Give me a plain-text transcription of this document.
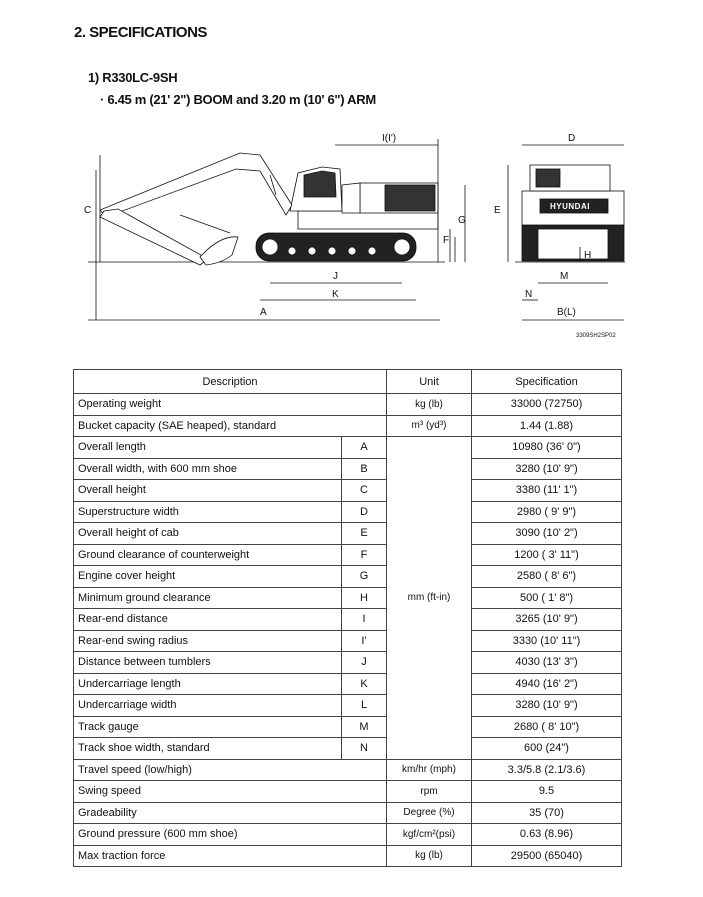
2. SPECIFICATIONS
1) R330LC-9SH
· 6.45 m (21' 2") BOOM and 3.20 m (10' 6") ARM
HYUNDAI
HYUNDAI
C
A
K
J
I(I')
F
G
E
D
M
N
B(L)
H
3309SH2SP02
Description		Unit	Specification
Operating weight		kg (lb)	33000 (72750)
Bucket capacity (SAE heaped), standard		m³ (yd³)	1.44 (1.88)
Overall length	A	mm (ft-in)	10980 (36' 0")
Overall width, with 600 mm shoe	B		3280 (10' 9")
Overall height	C		3380 (11' 1")
Superstructure width	D		2980 ( 9' 9")
Overall height of cab	E		3090 (10' 2")
Ground clearance of counterweight	F		1200 ( 3' 11")
Engine cover height	G		2580 ( 8' 6")
Minimum ground clearance	H		500 ( 1' 8")
Rear-end distance	I		3265 (10' 9")
Rear-end swing radius	I'		3330 (10' 11")
Distance between tumblers	J		4030 (13' 3")
Undercarriage length	K		4940 (16' 2")
Undercarriage width	L		3280 (10' 9")
Track gauge	M		2680 ( 8' 10")
Track shoe width, standard	N		600 (24")
Travel speed (low/high)		km/hr (mph)	3.3/5.8 (2.1/3.6)
Swing speed		rpm	9.5
Gradeability		Degree (%)	35 (70)
Ground pressure (600 mm shoe)		kgf/cm²(psi)	0.63 (8.96)
Max traction force		kg (lb)	29500 (65040)
